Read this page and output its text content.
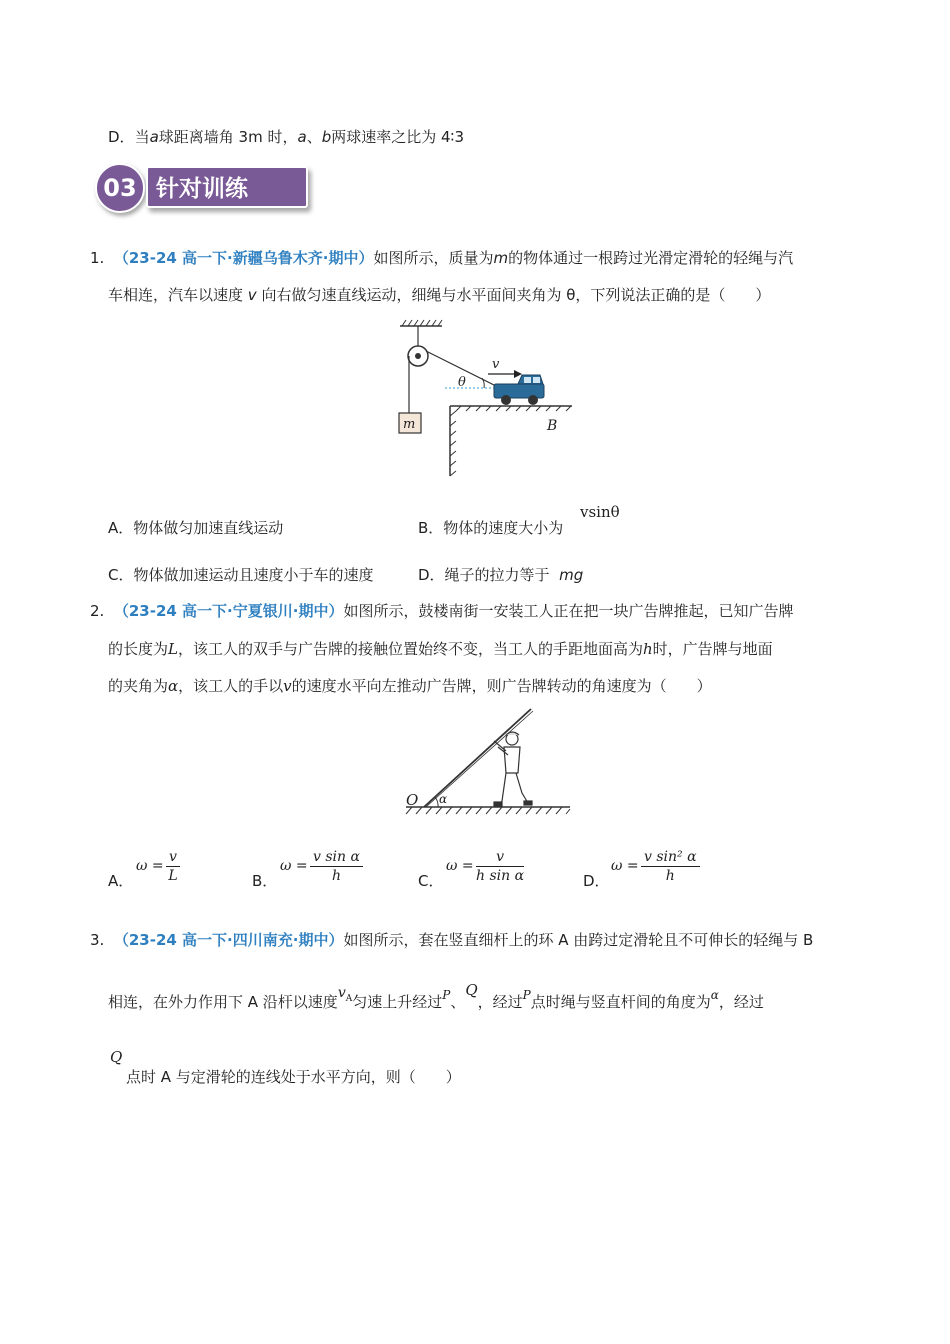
D．当a球距离墙角 3m 时，a、b两球速率之比为 4∶3
03 针对训练
1. （23-24 高一下·新疆乌鲁木齐·期中）如图所示，质量为m的物体通过一根跨过光滑定滑轮的轻绳与汽
车相连，汽车以速度 v 向右做匀速直线运动，细绳与水平面间夹角为 θ，下列说法正确的是（　　）
m
θ
v
B
A．物体做匀加速直线运动	B．物体的速度大小为
vsinθ
C．物体做加速运动且速度小于车的速度	D．绳子的拉力等于 mg
2. （23-24 高一下·宁夏银川·期中）如图所示，鼓楼南街一安装工人正在把一块广告牌推起，已知广告牌
的长度为L，该工人的双手与广告牌的接触位置始终不变，当工人的手距地面高为h时，广告牌与地面
的夹角为α，该工人的手以v的速度水平向左推动广告牌，则广告牌转动的角速度为（　　）
O α
A．
$\omega = \frac{v}{L}$	B．
$\omega = \frac{\text{v sin α}}{h}$	C．
$\omega = \frac{v}{\text{h sin α}}$	D．
$\omega = \frac{\text{v sin² α}}{h}$
3. （23-24 高一下·四川南充·期中）如图所示，套在竖直细杆上的环 A 由跨过定滑轮且不可伸长的轻绳与 B
相连，在外力作用下 A 沿杆以速度$v_A$匀速上升经过$^P$、Q，经过$^P$点时绳与竖直杆间的角度为$^\alpha$，经过
Q
点时 A 与定滑轮的连线处于水平方向，则（　　）
